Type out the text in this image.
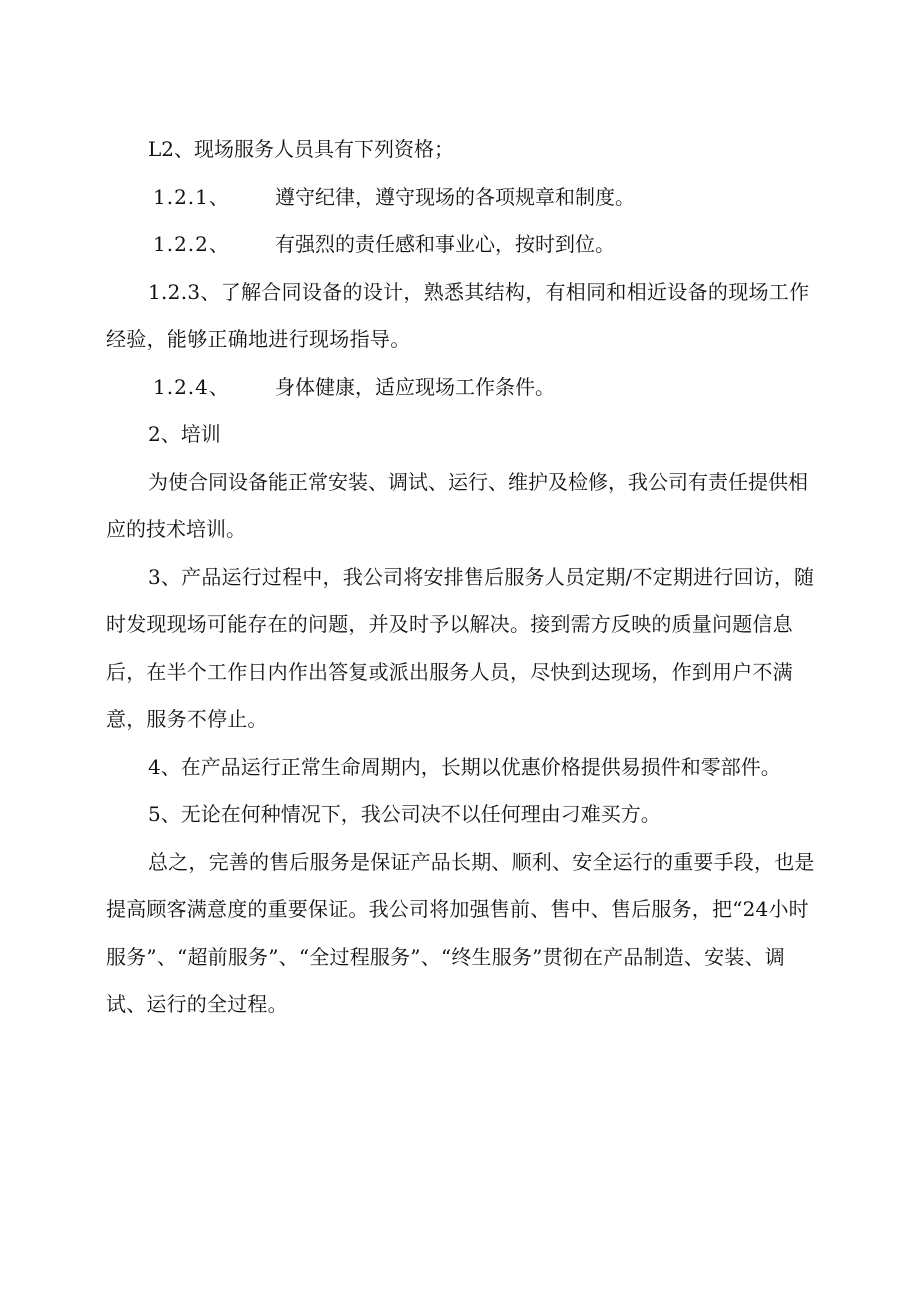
L2、现场服务人员具有下列资格；

1.2.1、	遵守纪律，遵守现场的各项规章和制度。

1.2.2、	有强烈的责任感和事业心，按时到位。

1.2.3、了解合同设备的设计，熟悉其结构，有相同和相近设备的现场工作经验，能够正确地进行现场指导。

1.2.4、	身体健康，适应现场工作条件。

2、培训

为使合同设备能正常安装、调试、运行、维护及检修，我公司有责任提供相应的技术培训。

3、产品运行过程中，我公司将安排售后服务人员定期/不定期进行回访，随时发现现场可能存在的问题，并及时予以解决。接到需方反映的质量问题信息后，在半个工作日内作出答复或派出服务人员，尽快到达现场，作到用户不满意，服务不停止。

4、在产品运行正常生命周期内，长期以优惠价格提供易损件和零部件。

5、无论在何种情况下，我公司决不以任何理由刁难买方。

总之，完善的售后服务是保证产品长期、顺利、安全运行的重要手段，也是提高顾客满意度的重要保证。我公司将加强售前、售中、售后服务，把“24小时服务”、“超前服务”、“全过程服务”、“终生服务”贯彻在产品制造、安装、调试、运行的全过程。
